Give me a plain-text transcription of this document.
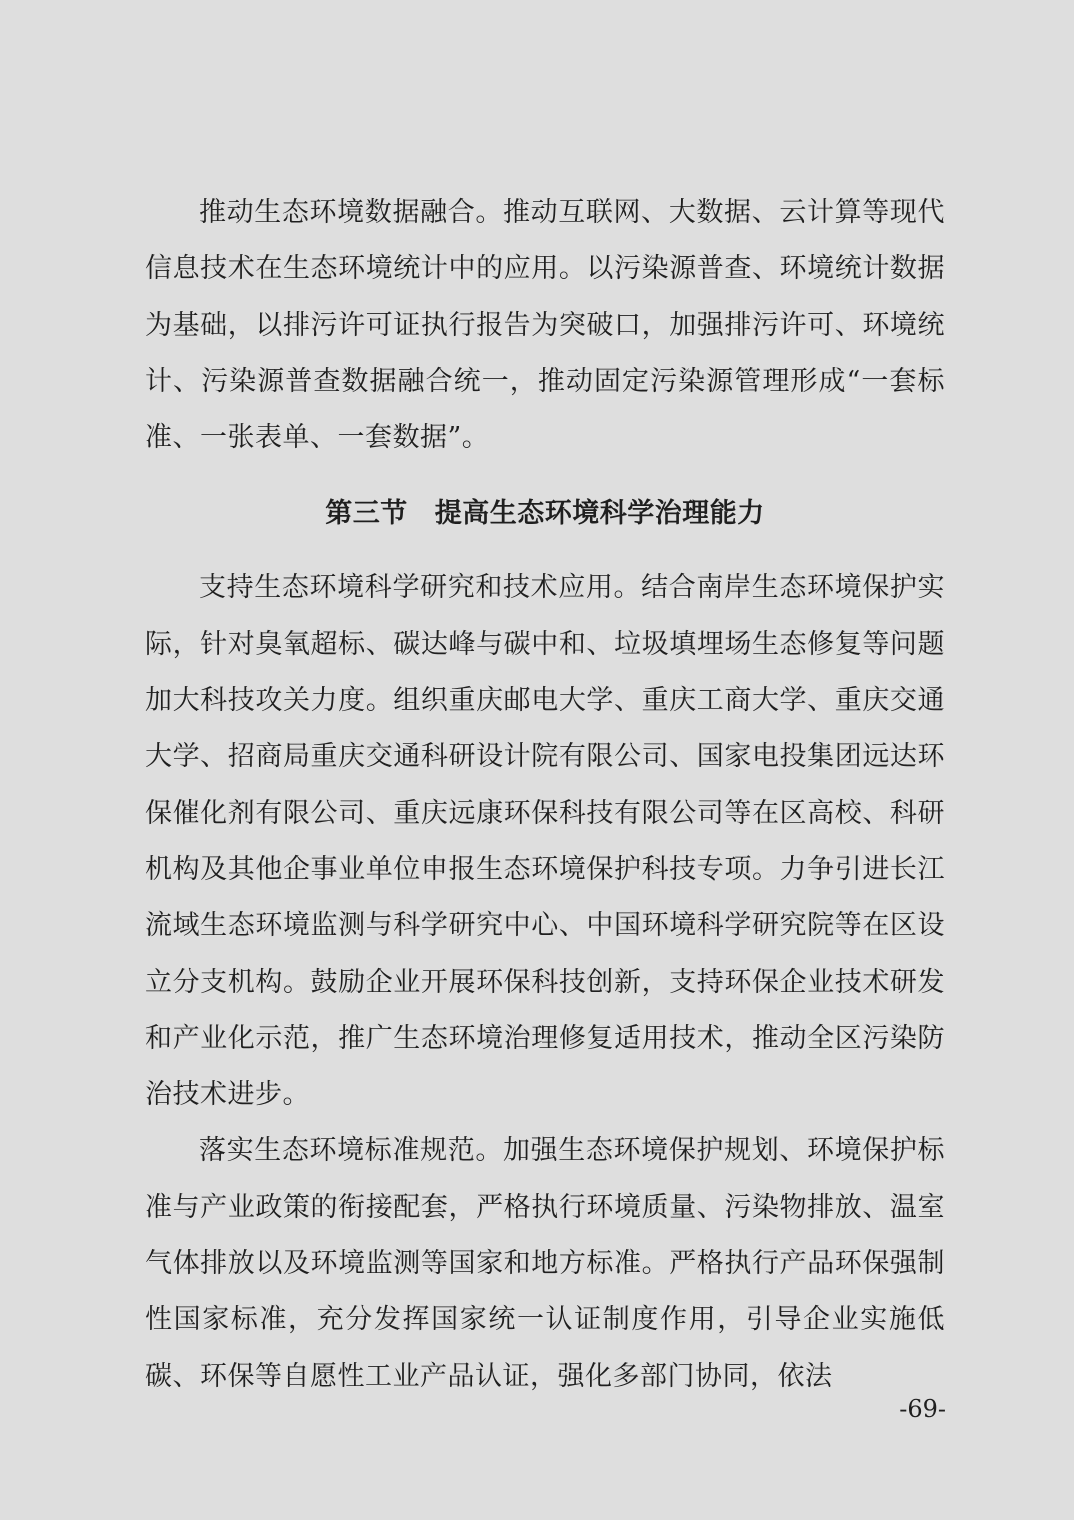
推动生态环境数据融合。推动互联网、大数据、云计算等现代信息技术在生态环境统计中的应用。以污染源普查、环境统计数据为基础，以排污许可证执行报告为突破口，加强排污许可、环境统计、污染源普查数据融合统一，推动固定污染源管理形成“一套标准、一张表单、一套数据”。

第三节 提高生态环境科学治理能力

支持生态环境科学研究和技术应用。结合南岸生态环境保护实际，针对臭氧超标、碳达峰与碳中和、垃圾填埋场生态修复等问题加大科技攻关力度。组织重庆邮电大学、重庆工商大学、重庆交通大学、招商局重庆交通科研设计院有限公司、国家电投集团远达环保催化剂有限公司、重庆远康环保科技有限公司等在区高校、科研机构及其他企事业单位申报生态环境保护科技专项。力争引进长江流域生态环境监测与科学研究中心、中国环境科学研究院等在区设立分支机构。鼓励企业开展环保科技创新，支持环保企业技术研发和产业化示范，推广生态环境治理修复适用技术，推动全区污染防治技术进步。

落实生态环境标准规范。加强生态环境保护规划、环境保护标准与产业政策的衔接配套，严格执行环境质量、污染物排放、温室气体排放以及环境监测等国家和地方标准。严格执行产品环保强制性国家标准，充分发挥国家统一认证制度作用，引导企业实施低碳、环保等自愿性工业产品认证，强化多部门协同，依法

-69-
